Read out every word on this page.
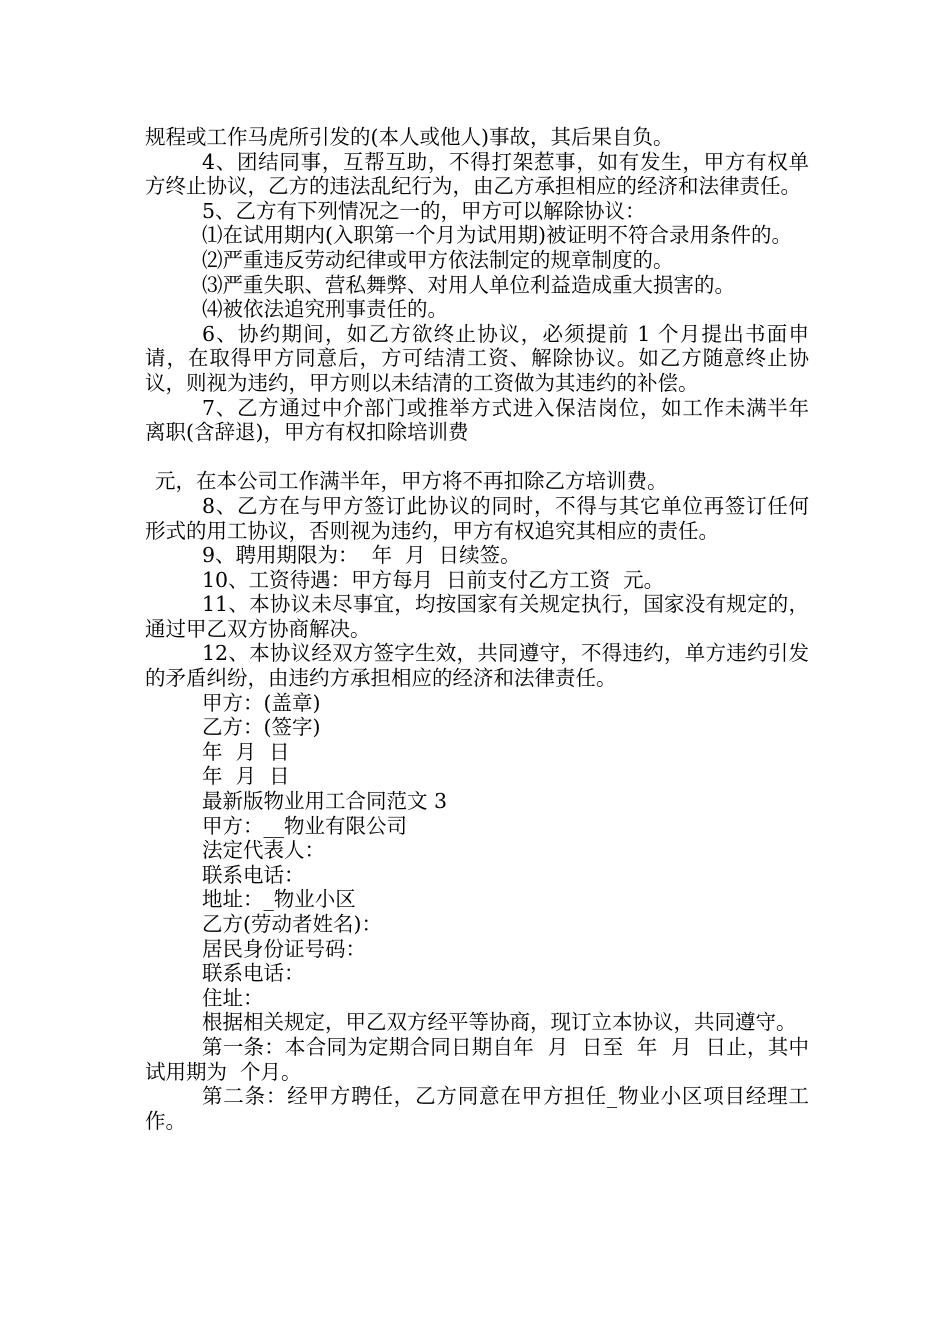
规程或工作马虎所引发的(本人或他人)事故，其后果自负。

4、团结同事，互帮互助，不得打架惹事，如有发生，甲方有权单方终止协议，乙方的违法乱纪行为，由乙方承担相应的经济和法律责任。

5、乙方有下列情况之一的，甲方可以解除协议：

⑴在试用期内(入职第一个月为试用期)被证明不符合录用条件的。

⑵严重违反劳动纪律或甲方依法制定的规章制度的。

⑶严重失职、营私舞弊、对用人单位利益造成重大损害的。

⑷被依法追究刑事责任的。

6、协约期间，如乙方欲终止协议，必须提前 1 个月提出书面申请，在取得甲方同意后，方可结清工资、解除协议。如乙方随意终止协议，则视为违约，甲方则以未结清的工资做为其违约的补偿。

7、乙方通过中介部门或推举方式进入保洁岗位，如工作未满半年离职(含辞退)，甲方有权扣除培训费

元，在本公司工作满半年，甲方将不再扣除乙方培训费。

8、乙方在与甲方签订此协议的同时，不得与其它单位再签订任何形式的用工协议，否则视为违约，甲方有权追究其相应的责任。

9、聘用期限为：  年  月  日续签。

10、工资待遇：甲方每月  日前支付乙方工资  元。

11、本协议未尽事宜，均按国家有关规定执行，国家没有规定的，通过甲乙双方协商解决。

12、本协议经双方签字生效，共同遵守，不得违约，单方违约引发的矛盾纠纷，由违约方承担相应的经济和法律责任。

甲方：(盖章)

乙方：(签字)

年  月  日

年  月  日

最新版物业用工合同范文 3

甲方：__物业有限公司

法定代表人：

联系电话：

地址：_物业小区

乙方(劳动者姓名)：

居民身份证号码：

联系电话：

住址：

根据相关规定，甲乙双方经平等协商，现订立本协议，共同遵守。

第一条：本合同为定期合同日期自年  月  日至  年  月  日止，其中试用期为  个月。

第二条：经甲方聘任，乙方同意在甲方担任_物业小区项目经理工作。
